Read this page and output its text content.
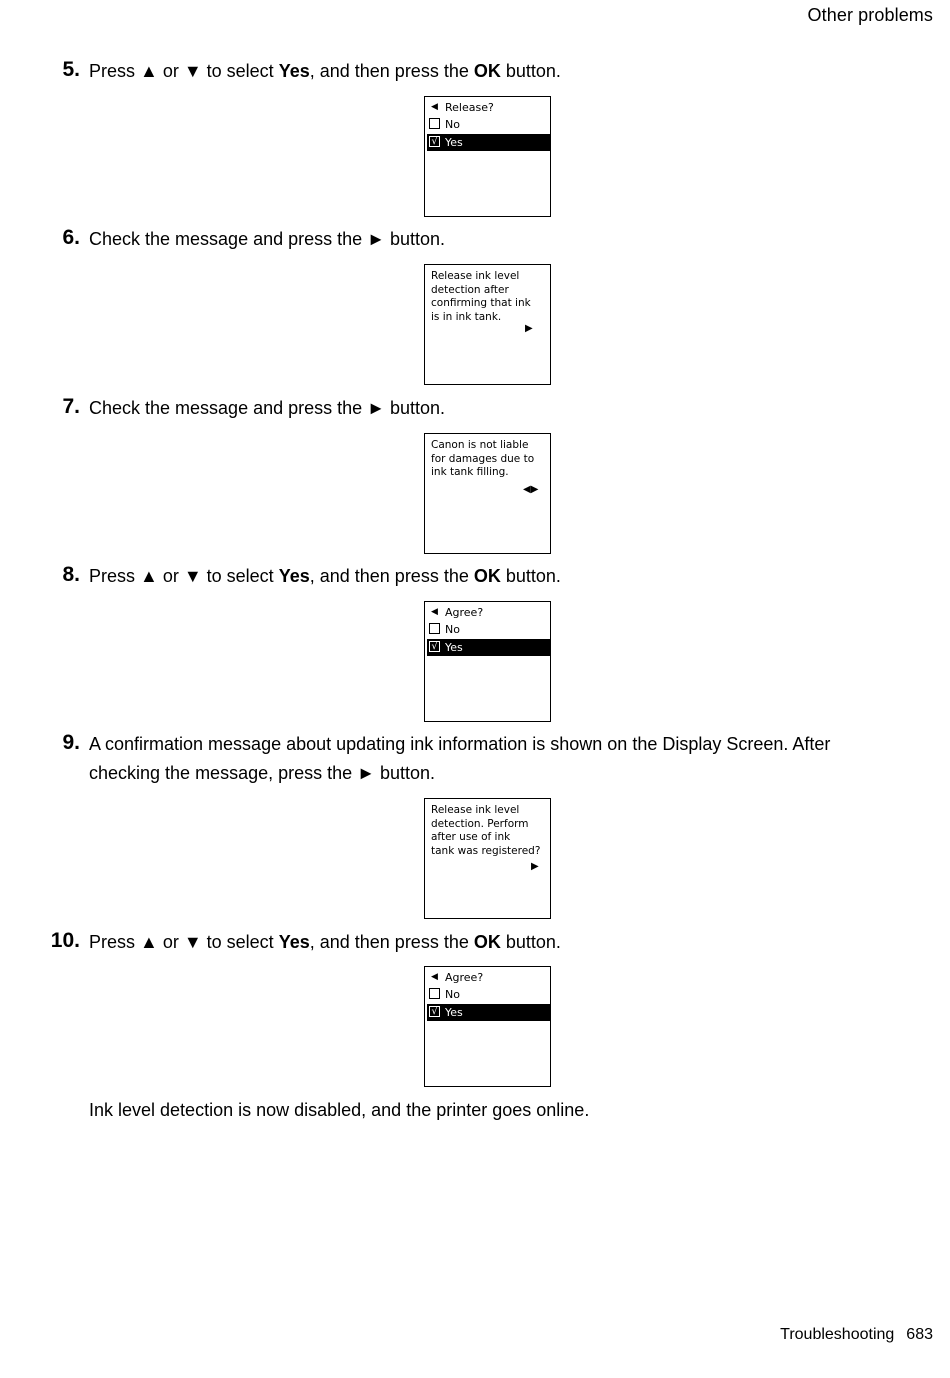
Other problems
5. Press ▲ or ▼ to select Yes, and then press the OK button.
◀ Release?
No
√ Yes
6. Check the message and press the ► button.
Release ink level
detection after
confirming that ink
is in ink tank.
▶
7. Check the message and press the ► button.
Canon is not liable
for damages due to
ink tank filling.
◀▶
8. Press ▲ or ▼ to select Yes, and then press the OK button.
◀ Agree?
No
√ Yes
9. A confirmation message about updating ink information is shown on the Display Screen. After
checking the message, press the ► button.
Release ink level
detection. Perform
after use of ink
tank was registered?
▶
10. Press ▲ or ▼ to select Yes, and then press the OK button.
◀ Agree?
No
√ Yes
Ink level detection is now disabled, and the printer goes online.
Troubleshooting 683
